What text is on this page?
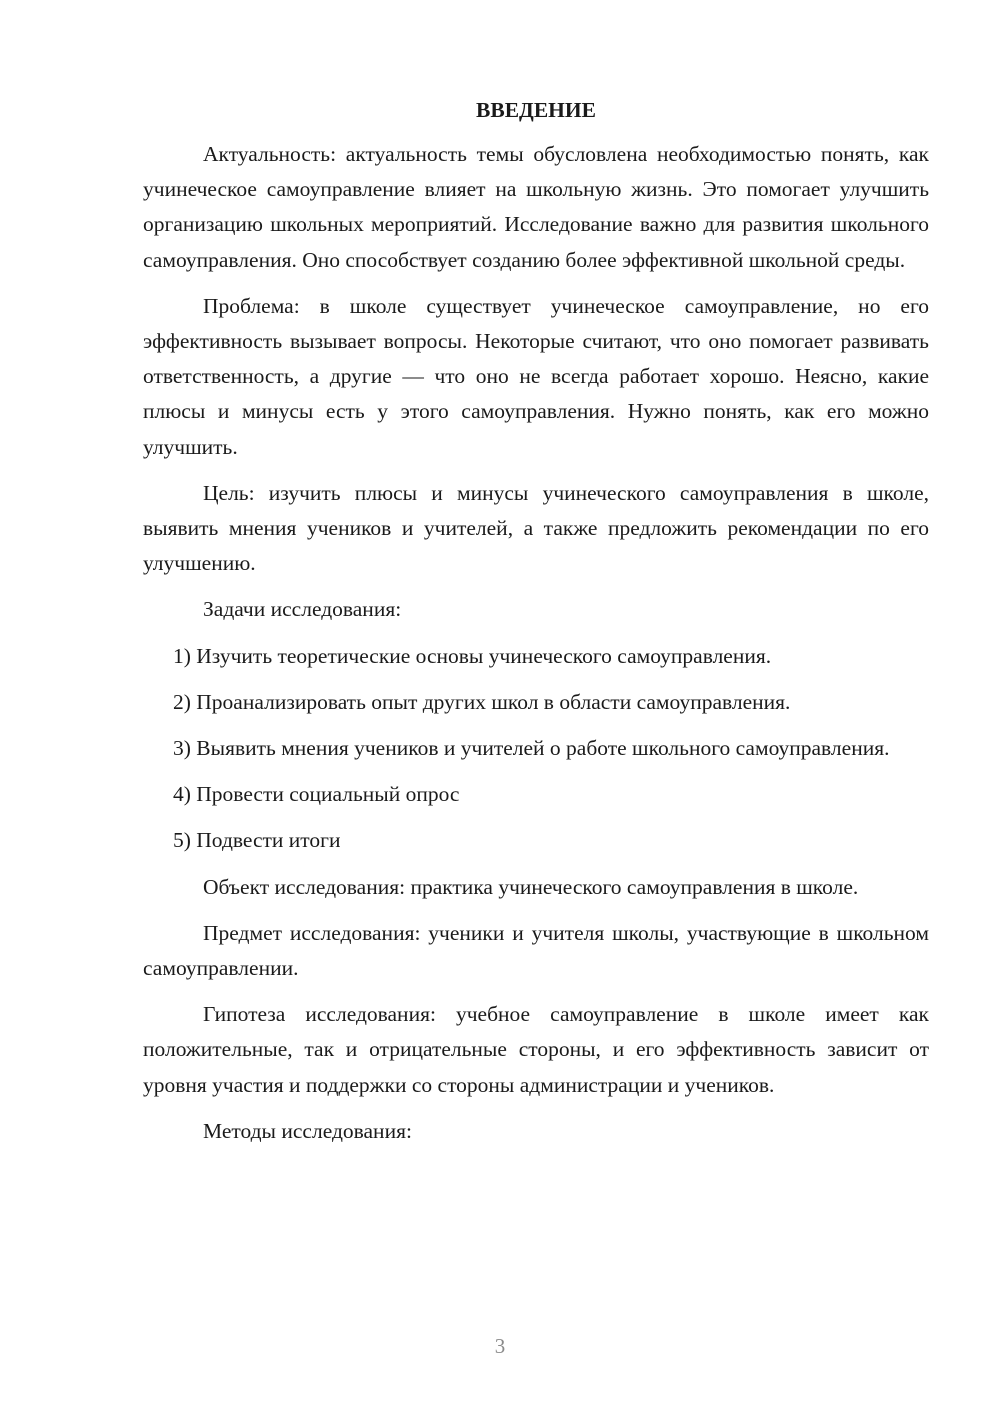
ВВЕДЕНИЕ

Актуальность: актуальность темы обусловлена необходимостью понять, как учинеческое самоуправление влияет на школьную жизнь. Это помогает улучшить организацию школьных мероприятий. Исследование важно для развития школьного самоуправления. Оно способствует созданию более эффективной школьной среды.

Проблема: в школе существует учинеческое самоуправление, но его эффективность вызывает вопросы. Некоторые считают, что оно помогает развивать ответственность, а другие — что оно не всегда работает хорошо. Неясно, какие плюсы и минусы есть у этого самоуправления. Нужно понять, как его можно улучшить.

Цель: изучить плюсы и минусы учинеческого самоуправления в школе, выявить мнения учеников и учителей, а также предложить рекомендации по его улучшению.

Задачи исследования:

1) Изучить теоретические основы учинеческого самоуправления.

2) Проанализировать опыт других школ в области самоуправления.

3) Выявить мнения учеников и учителей о работе школьного самоуправления.

4) Провести социальный опрос

5) Подвести итоги

Объект исследования: практика учинеческого самоуправления в школе.

Предмет исследования: ученики и учителя школы, участвующие в школьном самоуправлении.

Гипотеза исследования: учебное самоуправление в школе имеет как положительные, так и отрицательные стороны, и его эффективность зависит от уровня участия и поддержки со стороны администрации и учеников.

Методы исследования:

3
